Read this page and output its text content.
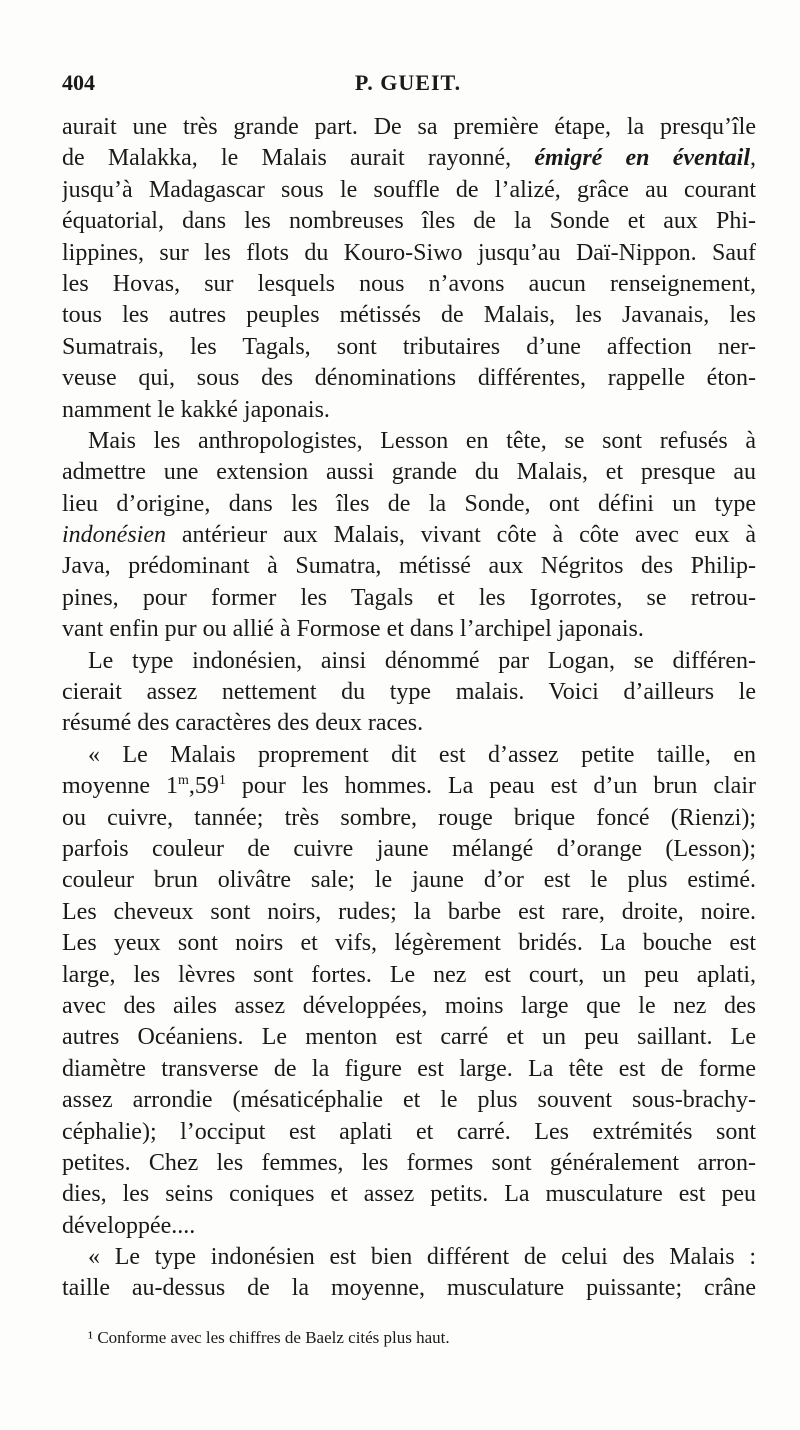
404	P. GUEIT.
aurait une très grande part. De sa première étape, la presqu’île
de Malakka, le Malais aurait rayonné, émigré en éventail,
jusqu’à Madagascar sous le souffle de l’alizé, grâce au courant
équatorial, dans les nombreuses îles de la Sonde et aux Phi-
lippines, sur les flots du Kouro-Siwo jusqu’au Daï-Nippon. Sauf
les Hovas, sur lesquels nous n’avons aucun renseignement,
tous les autres peuples métissés de Malais, les Javanais, les
Sumatrais, les Tagals, sont tributaires d’une affection ner-
veuse qui, sous des dénominations différentes, rappelle éton-
namment le kakké japonais.
Mais les anthropologistes, Lesson en tête, se sont refusés à
admettre une extension aussi grande du Malais, et presque au
lieu d’origine, dans les îles de la Sonde, ont défini un type
indonésien antérieur aux Malais, vivant côte à côte avec eux à
Java, prédominant à Sumatra, métissé aux Négritos des Philip-
pines, pour former les Tagals et les Igorrotes, se retrou-
vant enfin pur ou allié à Formose et dans l’archipel japonais.
Le type indonésien, ainsi dénommé par Logan, se différen-
cierait assez nettement du type malais. Voici d’ailleurs le
résumé des caractères des deux races.
« Le Malais proprement dit est d’assez petite taille, en
moyenne $1^m,59^1$ pour les hommes. La peau est d’un brun clair
ou cuivre, tannée; très sombre, rouge brique foncé (Rienzi);
parfois couleur de cuivre jaune mélangé d’orange (Lesson);
couleur brun olivâtre sale; le jaune d’or est le plus estimé.
Les cheveux sont noirs, rudes; la barbe est rare, droite, noire.
Les yeux sont noirs et vifs, légèrement bridés. La bouche est
large, les lèvres sont fortes. Le nez est court, un peu aplati,
avec des ailes assez développées, moins large que le nez des
autres Océaniens. Le menton est carré et un peu saillant. Le
diamètre transverse de la figure est large. La tête est de forme
assez arrondie (mésaticéphalie et le plus souvent sous-brachy-
céphalie); l’occiput est aplati et carré. Les extrémités sont
petites. Chez les femmes, les formes sont généralement arron-
dies, les seins coniques et assez petits. La musculature est peu
développée....
« Le type indonésien est bien différent de celui des Malais :
taille au-dessus de la moyenne, musculature puissante; crâne
¹ Conforme avec les chiffres de Baelz cités plus haut.
